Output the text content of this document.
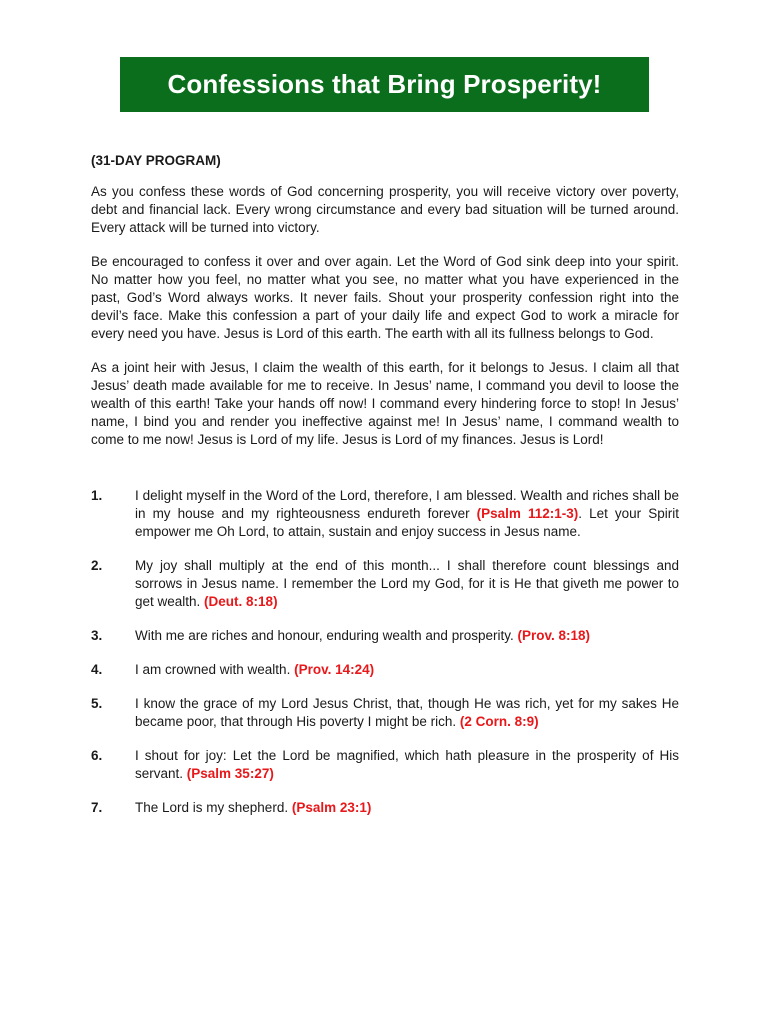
Confessions that Bring Prosperity!

(31-DAY PROGRAM)

As you confess these words of God concerning prosperity, you will receive victory over poverty, debt and financial lack. Every wrong circumstance and every bad situation will be turned around. Every attack will be turned into victory.

Be encouraged to confess it over and over again. Let the Word of God sink deep into your spirit. No matter how you feel, no matter what you see, no matter what you have experienced in the past, God’s Word always works. It never fails. Shout your prosperity confession right into the devil’s face. Make this confession a part of your daily life and expect God to work a miracle for every need you have. Jesus is Lord of this earth. The earth with all its fullness belongs to God.

As a joint heir with Jesus, I claim the wealth of this earth, for it belongs to Jesus. I claim all that Jesus’ death made available for me to receive. In Jesus’ name, I command you devil to loose the wealth of this earth! Take your hands off now! I command every hindering force to stop! In Jesus’ name, I bind you and render you ineffective against me! In Jesus’ name, I command wealth to come to me now! Jesus is Lord of my life. Jesus is Lord of my finances. Jesus is Lord!

1.	I delight myself in the Word of the Lord, therefore, I am blessed. Wealth and riches shall be in my house and my righteousness endureth forever (Psalm 112:1-3). Let your Spirit empower me Oh Lord, to attain, sustain and enjoy success in Jesus name.
2.	My joy shall multiply at the end of this month... I shall therefore count blessings and sorrows in Jesus name. I remember the Lord my God, for it is He that giveth me power to get wealth. (Deut. 8:18)
3.	With me are riches and honour, enduring wealth and prosperity. (Prov. 8:18)
4.	I am crowned with wealth. (Prov. 14:24)
5.	I know the grace of my Lord Jesus Christ, that, though He was rich, yet for my sakes He became poor, that through His poverty I might be rich. (2 Corn. 8:9)
6.	I shout for joy: Let the Lord be magnified, which hath pleasure in the prosperity of His servant. (Psalm 35:27)
7.	The Lord is my shepherd. (Psalm 23:1)
